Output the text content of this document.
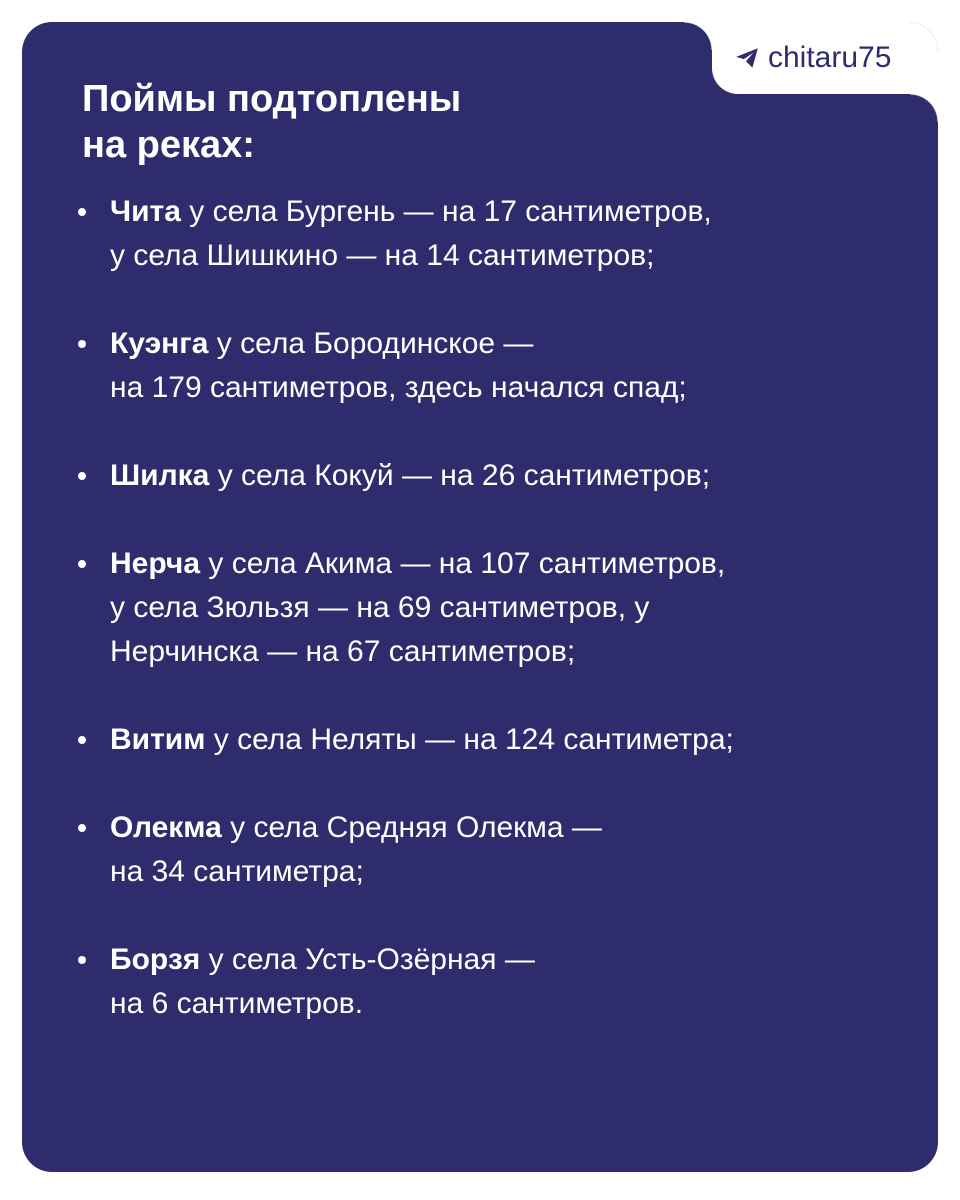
Поймы подтоплены
на реках:
Чита у села Бургень — на 17 сантиметров,
у села Шишкино — на 14 сантиметров;
Куэнга у села Бородинское —
на 179 сантиметров, здесь начался спад;
Шилка у села Кокуй — на 26 сантиметров;
Нерча у села Акима — на 107 сантиметров,
у села Зюльзя — на 69 сантиметров, у
Нерчинска — на 67 сантиметров;
Витим у села Неляты — на 124 сантиметра;
Олекма у села Средняя Олекма —
на 34 сантиметра;
Борзя у села Усть-Озёрная —
на 6 сантиметров.
chitaru75
